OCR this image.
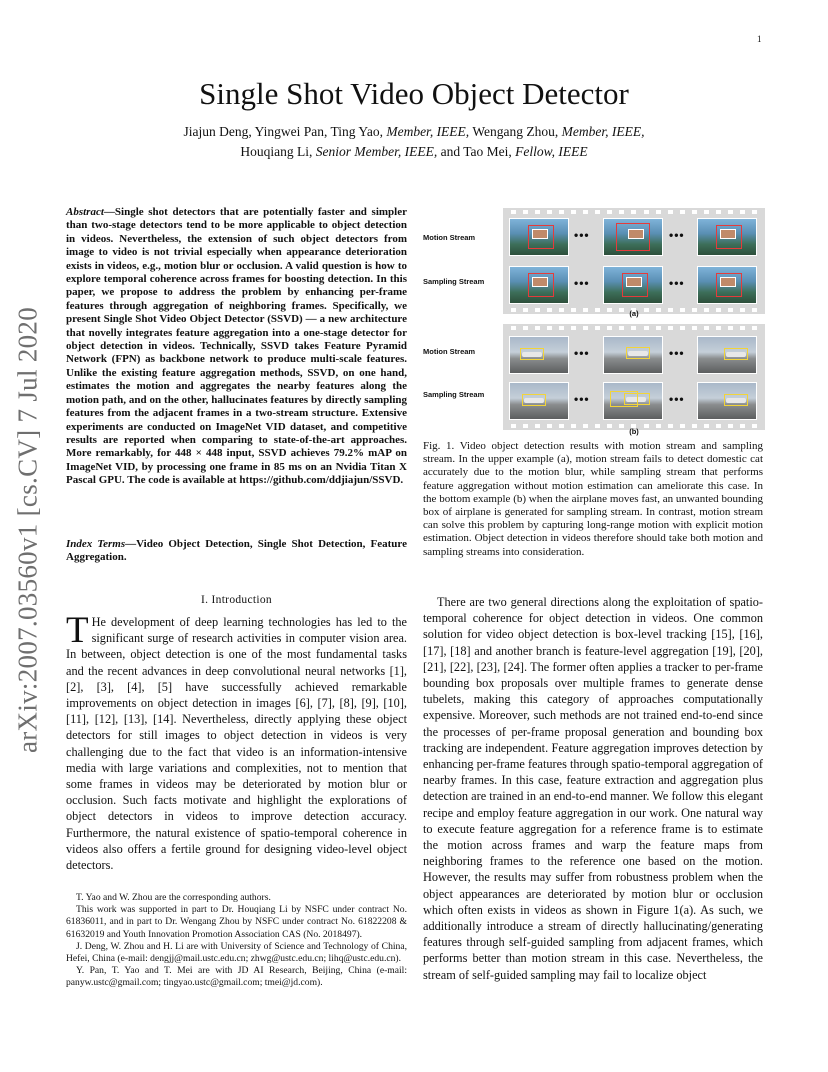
1
arXiv:2007.03560v1 [cs.CV] 7 Jul 2020
Single Shot Video Object Detector
Jiajun Deng, Yingwei Pan, Ting Yao, Member, IEEE, Wengang Zhou, Member, IEEE,
Houqiang Li, Senior Member, IEEE, and Tao Mei, Fellow, IEEE
Abstract—Single shot detectors that are potentially faster and simpler than two-stage detectors tend to be more applicable to object detection in videos. Nevertheless, the extension of such object detectors from image to video is not trivial especially when appearance deterioration exists in videos, e.g., motion blur or occlusion. A valid question is how to explore temporal coherence across frames for boosting detection. In this paper, we propose to address the problem by enhancing per-frame features through aggregation of neighboring frames. Specifically, we present Single Shot Video Object Detector (SSVD) — a new architecture that novelly integrates feature aggregation into a one-stage detector for object detection in videos. Technically, SSVD takes Feature Pyramid Network (FPN) as backbone network to produce multi-scale features. Unlike the existing feature aggregation methods, SSVD, on one hand, estimates the motion and aggregates the nearby features along the motion path, and on the other, hallucinates features by directly sampling features from the adjacent frames in a two-stream structure. Extensive experiments are conducted on ImageNet VID dataset, and competitive results are reported when comparing to state-of-the-art approaches. More remarkably, for 448 × 448 input, SSVD achieves 79.2% mAP on ImageNet VID, by processing one frame in 85 ms on an Nvidia Titan X Pascal GPU. The code is available at https://github.com/ddjiajun/SSVD.
Index Terms—Video Object Detection, Single Shot Detection, Feature Aggregation.
I. Introduction
T He development of deep learning technologies has led to the significant surge of research activities in computer vision area. In between, object detection is one of the most fundamental tasks and the recent advances in deep convolutional neural networks [1], [2], [3], [4], [5] have successfully achieved remarkable improvements on object detection in images [6], [7], [8], [9], [10], [11], [12], [13], [14]. Nevertheless, directly applying these object detectors for still images to object detection in videos is very challenging due to the fact that video is an information-intensive media with large variations and complexities, not to mention that some frames in videos may be deteriorated by motion blur or occlusion. Such facts motivate and highlight the explorations of object detectors in videos to improve detection accuracy. Furthermore, the natural existence of spatio-temporal coherence in videos also offers a fertile ground for designing video-level object detectors.

T. Yao and W. Zhou are the corresponding authors.

This work was supported in part to Dr. Houqiang Li by NSFC under contract No. 61836011, and in part to Dr. Wengang Zhou by NSFC under contract No. 61822208 & 61632019 and Youth Innovation Promotion Association CAS (No. 2018497).

J. Deng, W. Zhou and H. Li are with University of Science and Technology of China, Hefei, China (e-mail: dengjj@mail.ustc.edu.cn; zhwg@ustc.edu.cn; lihq@ustc.edu.cn).

Y. Pan, T. Yao and T. Mei are with JD AI Research, Beijing, China (e-mail: panyw.ustc@gmail.com; tingyao.ustc@gmail.com; tmei@jd.com).

•••	•••
•••	•••
Motion Stream
Sampling Stream
(a)
•••	•••
•••	•••
Motion Stream
Sampling Stream
(b)
Fig. 1. Video object detection results with motion stream and sampling stream. In the upper example (a), motion stream fails to detect domestic cat accurately due to the motion blur, while sampling stream that performs feature aggregation without motion estimation can ameliorate this case. In the bottom example (b) when the airplane moves fast, an unwanted bounding box of airplane is generated for sampling stream. In contrast, motion stream can solve this problem by capturing long-range motion with explicit motion estimation. Object detection in videos therefore should take both motion and sampling streams into consideration.
There are two general directions along the exploitation of spatio-temporal coherence for object detection in videos. One common solution for video object detection is box-level tracking [15], [16], [17], [18] and another branch is feature-level aggregation [19], [20], [21], [22], [23], [24]. The former often applies a tracker to per-frame bounding box proposals over multiple frames to generate dense tubelets, making this category of approaches computationally expensive. Moreover, such methods are not trained end-to-end since the processes of per-frame proposal generation and bounding box tracking are independent. Feature aggregation improves detection by enhancing per-frame features through spatio-temporal aggregation of nearby frames. In this case, feature extraction and aggregation plus detection are trained in an end-to-end manner. We follow this elegant recipe and employ feature aggregation in our work. One natural way to execute feature aggregation for a reference frame is to estimate the motion across frames and warp the feature maps from neighboring frames to the reference one based on the motion. However, the results may suffer from robustness problem when the object appearances are deteriorated by motion blur or occlusion which often exists in videos as shown in Figure 1(a). As such, we additionally introduce a stream of directly hallucinating/generating features through self-guided sampling from adjacent frames, which performs better than motion stream in this case. Nevertheless, the stream of self-guided sampling may fail to localize object
